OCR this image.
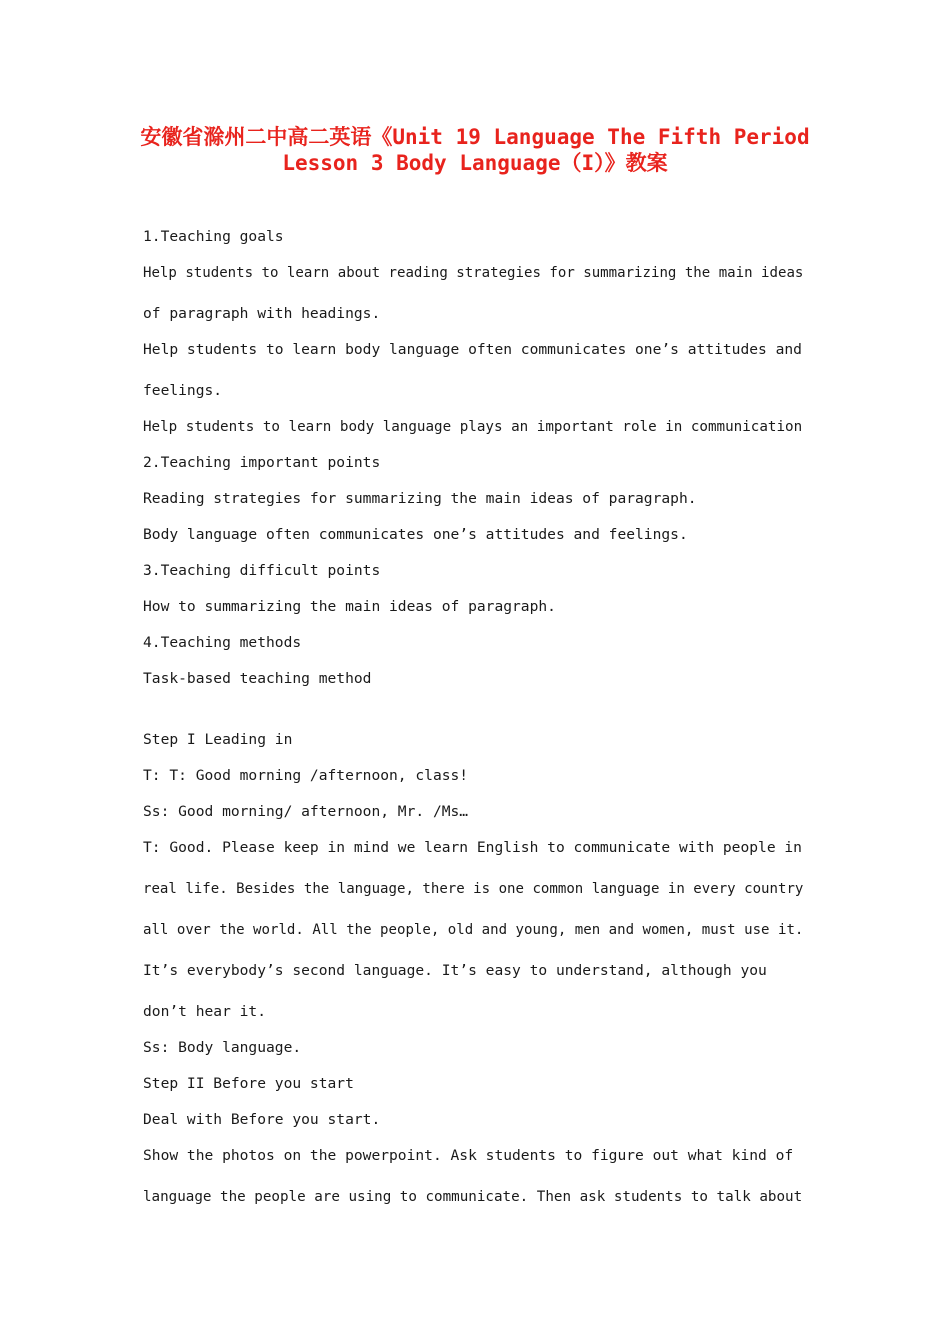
安徽省滁州二中高二英语《Unit 19 Language The Fifth Period
Lesson 3 Body Language（I）》教案
1.Teaching goals
Help students to learn about reading strategies for summarizing the main ideas
of paragraph with headings.
Help students to learn body language often communicates one’s attitudes and
feelings.
Help students to learn body language plays an important role in communication
2.Teaching important points
Reading strategies for summarizing the main ideas of paragraph.
Body language often communicates one’s attitudes and feelings.
3.Teaching difficult points
How to summarizing the main ideas of paragraph.
4.Teaching methods
Task-based teaching method
Step I Leading in
T: T: Good morning /afternoon, class!
Ss: Good morning/ afternoon, Mr. /Ms…
T: Good. Please keep in mind we learn English to communicate with people in
real life. Besides the language, there is one common language in every country
all over the world. All the people, old and young, men and women, must use it.
It’s everybody’s second language. It’s easy to understand, although you
don’t hear it.
Ss: Body language.
Step II Before you start
Deal with Before you start.
Show the photos on the powerpoint. Ask students to figure out what kind of
language the people are using to communicate. Then ask students to talk about
